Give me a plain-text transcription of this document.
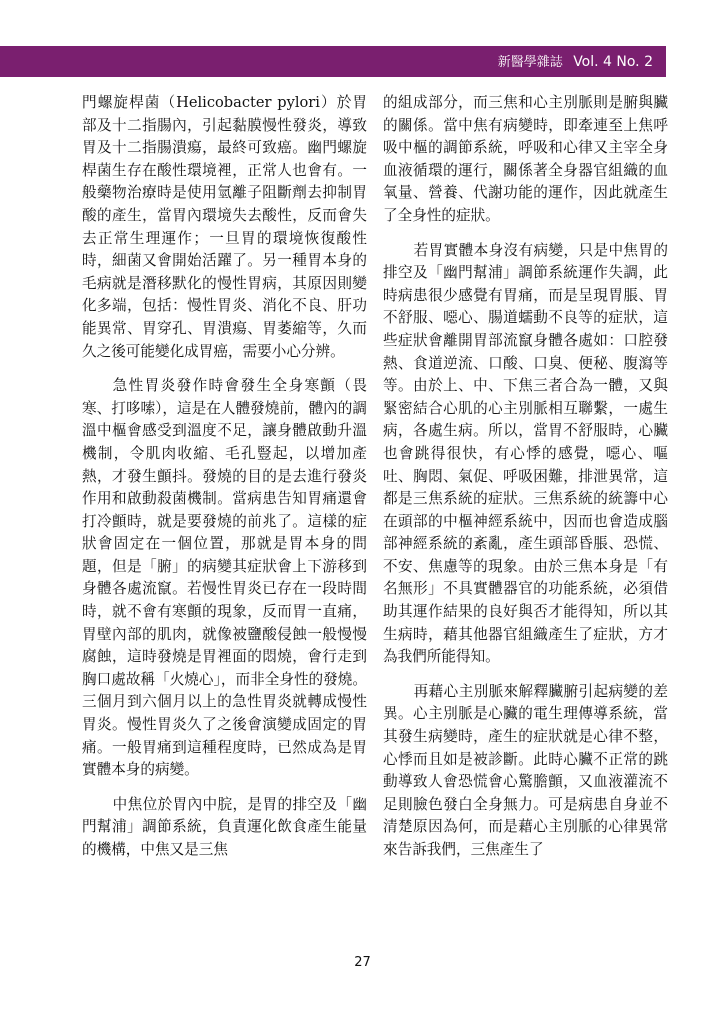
新醫學雜誌 Vol. 4 No. 2

門螺旋桿菌（Helicobacter pylori）於胃部及十二指腸內，引起黏膜慢性發炎，導致胃及十二指腸潰瘍，最終可致癌。幽門螺旋桿菌生存在酸性環境裡，正常人也會有。一般藥物治療時是使用氫離子阻斷劑去抑制胃酸的產生，當胃內環境失去酸性，反而會失去正常生理運作；一旦胃的環境恢復酸性時，細菌又會開始活躍了。另一種胃本身的毛病就是潛移默化的慢性胃病，其原因則變化多端，包括：慢性胃炎、消化不良、肝功能異常、胃穿孔、胃潰瘍、胃萎縮等，久而久之後可能變化成胃癌，需要小心分辨。

急性胃炎發作時會發生全身寒顫（畏寒、打哆嗦），這是在人體發燒前，體內的調溫中樞會感受到溫度不足，讓身體啟動升溫機制，令肌肉收縮、毛孔豎起，以增加產熱，才發生顫抖。發燒的目的是去進行發炎作用和啟動殺菌機制。當病患告知胃痛還會打冷顫時，就是要發燒的前兆了。這樣的症狀會固定在一個位置，那就是胃本身的問題，但是「腑」的病變其症狀會上下游移到身體各處流竄。若慢性胃炎已存在一段時間時，就不會有寒顫的現象，反而胃一直痛，胃壁內部的肌肉，就像被鹽酸侵蝕一般慢慢腐蝕，這時發燒是胃裡面的悶燒，會行走到胸口處故稱「火燒心」，而非全身性的發燒。三個月到六個月以上的急性胃炎就轉成慢性胃炎。慢性胃炎久了之後會演變成固定的胃痛。一般胃痛到這種程度時，已然成為是胃實體本身的病變。

中焦位於胃內中脘，是胃的排空及「幽門幫浦」調節系統，負責運化飲食產生能量的機構，中焦又是三焦

的組成部分，而三焦和心主別脈則是腑與臟的關係。當中焦有病變時，即牽連至上焦呼吸中樞的調節系統，呼吸和心律又主宰全身血液循環的運行，關係著全身器官組織的血氧量、營養、代謝功能的運作，因此就產生了全身性的症狀。

若胃實體本身沒有病變，只是中焦胃的排空及「幽門幫浦」調節系統運作失調，此時病患很少感覺有胃痛，而是呈現胃脹、胃不舒服、噁心、腸道蠕動不良等的症狀，這些症狀會離開胃部流竄身體各處如：口腔發熱、食道逆流、口酸、口臭、便秘、腹瀉等等。由於上、中、下焦三者合為一體，又與緊密結合心肌的心主別脈相互聯繫，一處生病，各處生病。所以，當胃不舒服時，心臟也會跳得很快，有心悸的感覺，噁心、嘔吐、胸悶、氣促、呼吸困難，排泄異常，這都是三焦系統的症狀。三焦系統的統籌中心在頭部的中樞神經系統中，因而也會造成腦部神經系統的紊亂，產生頭部昏脹、恐慌、不安、焦慮等的現象。由於三焦本身是「有名無形」不具實體器官的功能系統，必須借助其運作結果的良好與否才能得知，所以其生病時，藉其他器官組織產生了症狀，方才為我們所能得知。

再藉心主別脈來解釋臟腑引起病變的差異。心主別脈是心臟的電生理傳導系統，當其發生病變時，產生的症狀就是心律不整，心悸而且如是被診斷。此時心臟不正常的跳動導致人會恐慌會心驚膽顫，又血液灌流不足則臉色發白全身無力。可是病患自身並不清楚原因為何，而是藉心主別脈的心律異常來告訴我們，三焦產生了

27
